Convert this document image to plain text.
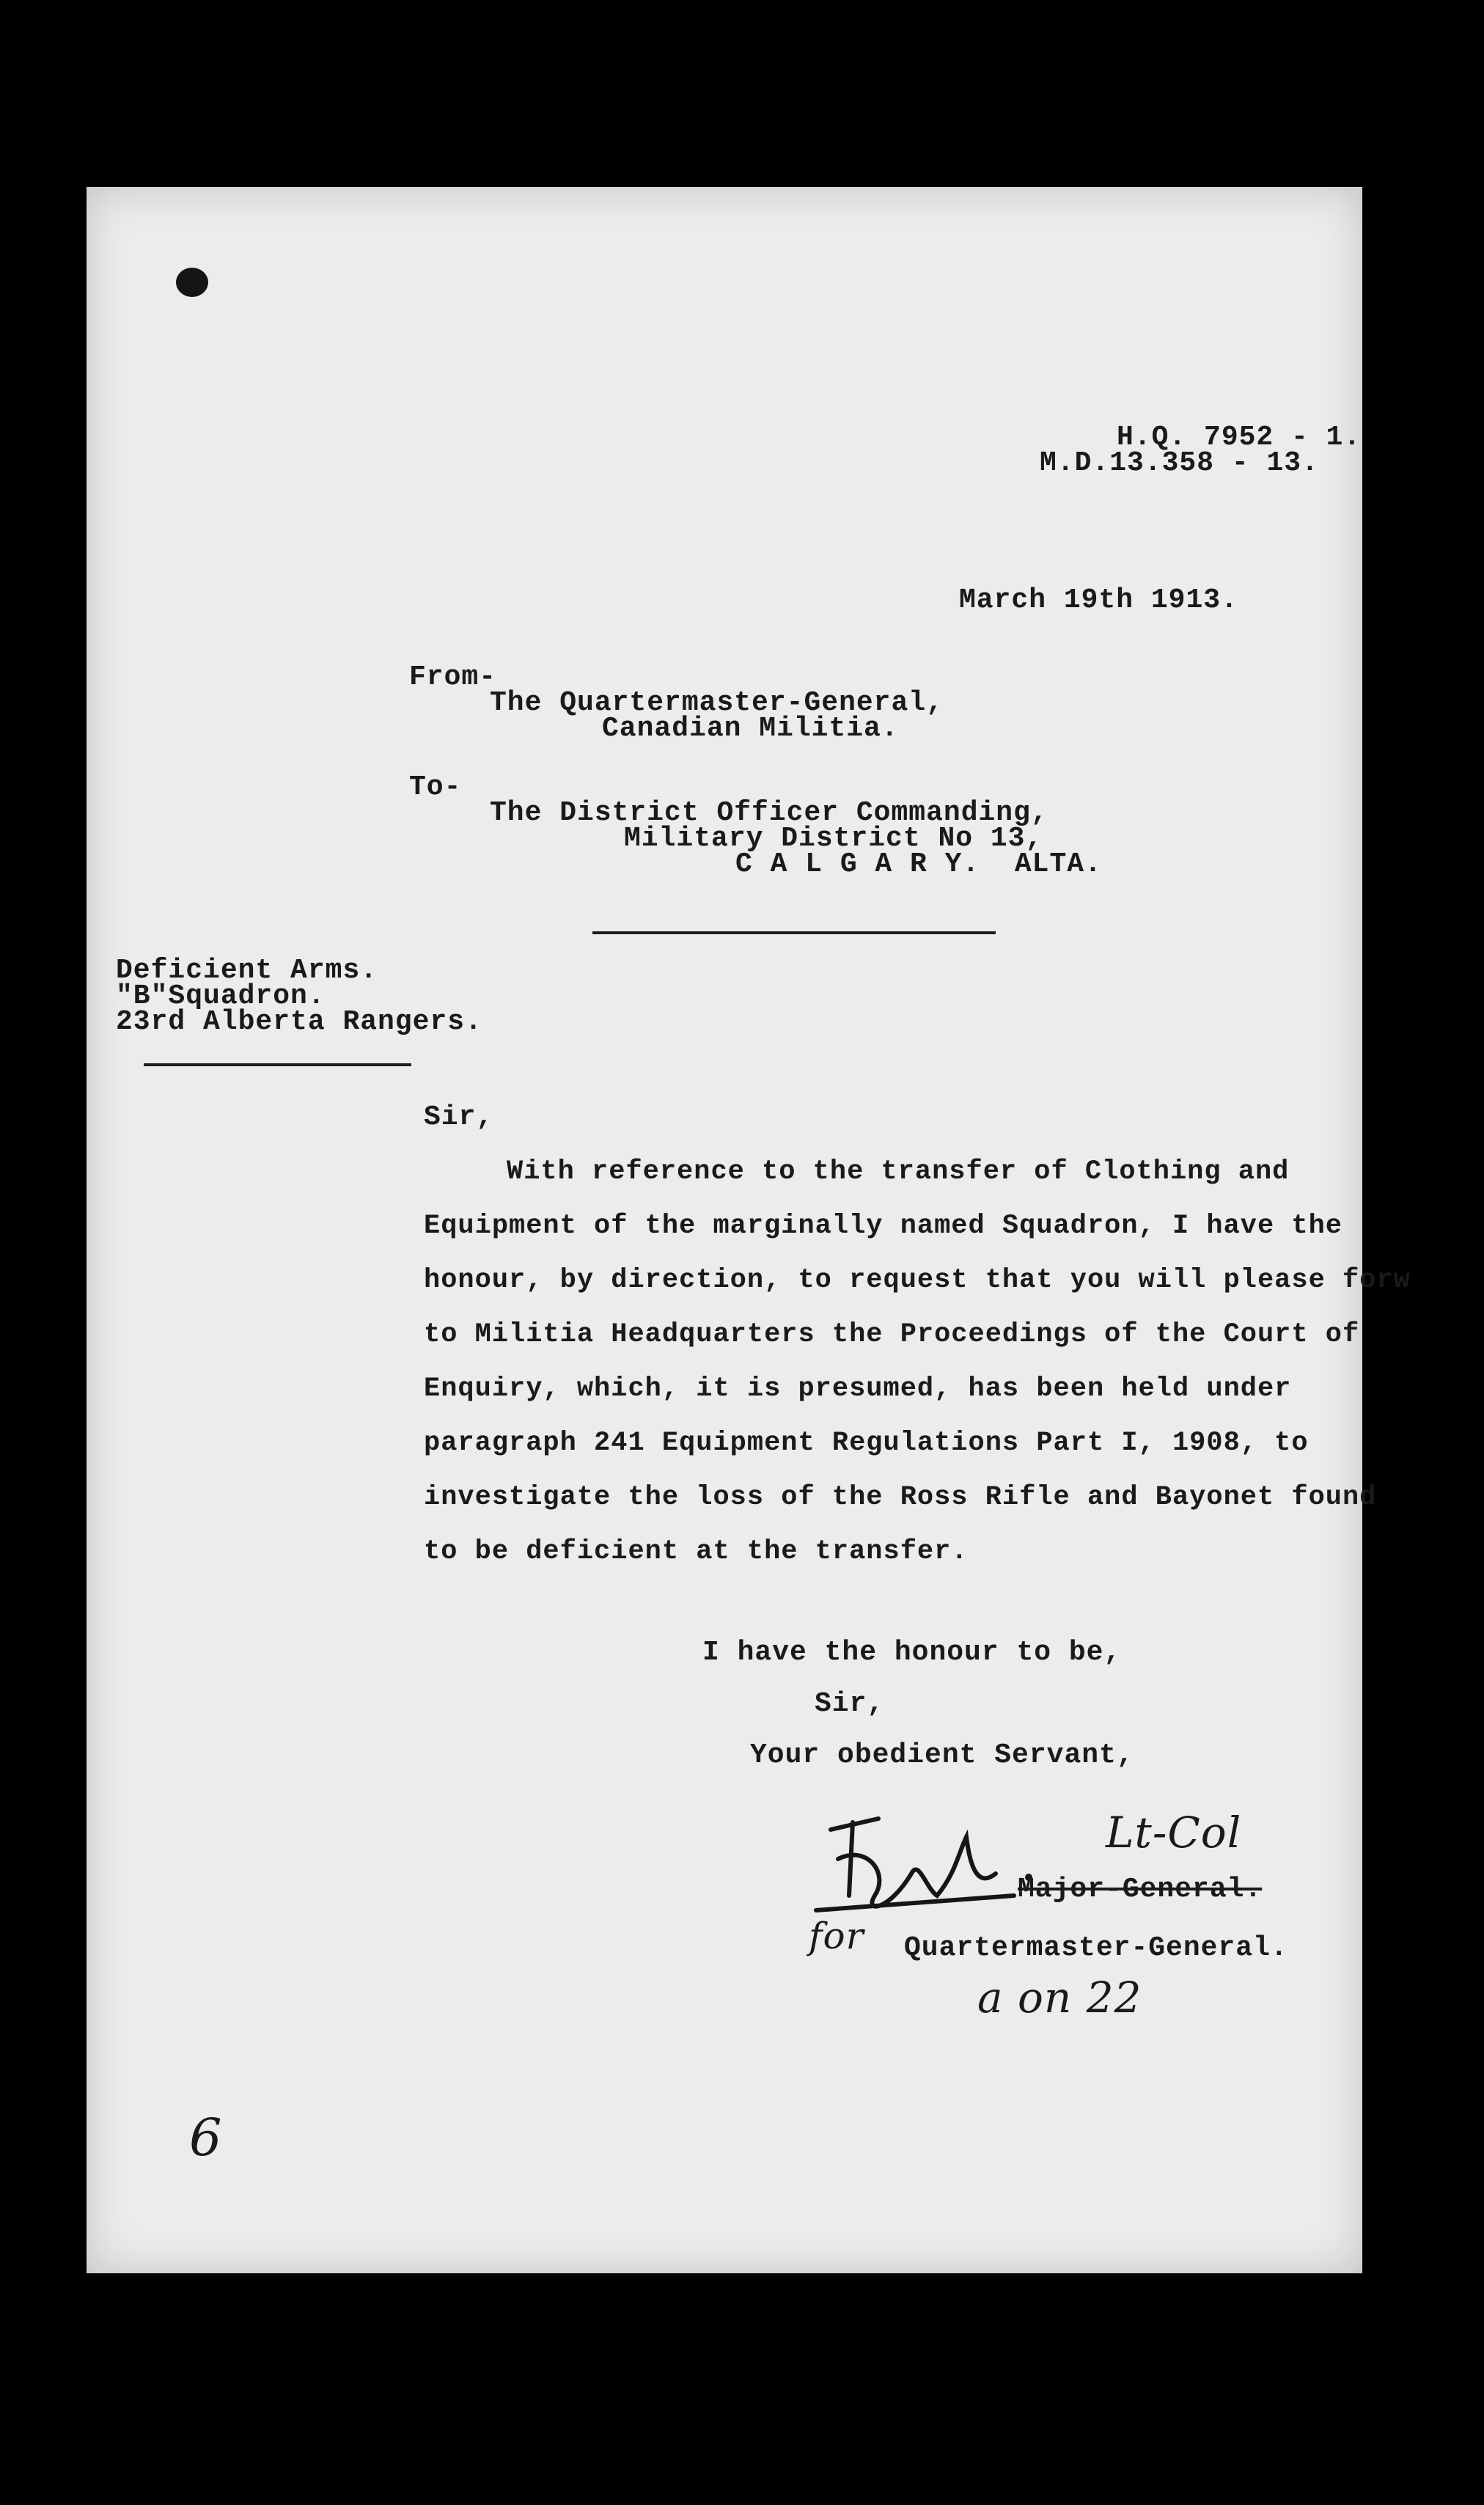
H.Q. 7952 - 1.

M.D.13.358 - 13.

March 19th 1913.

From-

The Quartermaster-General,

Canadian Militia.

To-

The District Officer Commanding,

Military District No 13,

C A L G A R Y.  ALTA.

Deficient Arms.

"B"Squadron.

23rd Alberta Rangers.

Sir,

With reference to the transfer of Clothing and

Equipment of the marginally named Squadron, I have the

honour, by direction, to request that you will please forw

to Militia Headquarters the Proceedings of the Court of

Enquiry, which, it is presumed, has been held under

paragraph 241 Equipment Regulations Part I, 1908, to

investigate the loss of the Ross Rifle and Bayonet found

to be deficient at the transfer.

I have the honour to be,

Sir,

Your obedient Servant,

Lt-Col

Major-General.

for Quartermaster-General.

a on 22

6
